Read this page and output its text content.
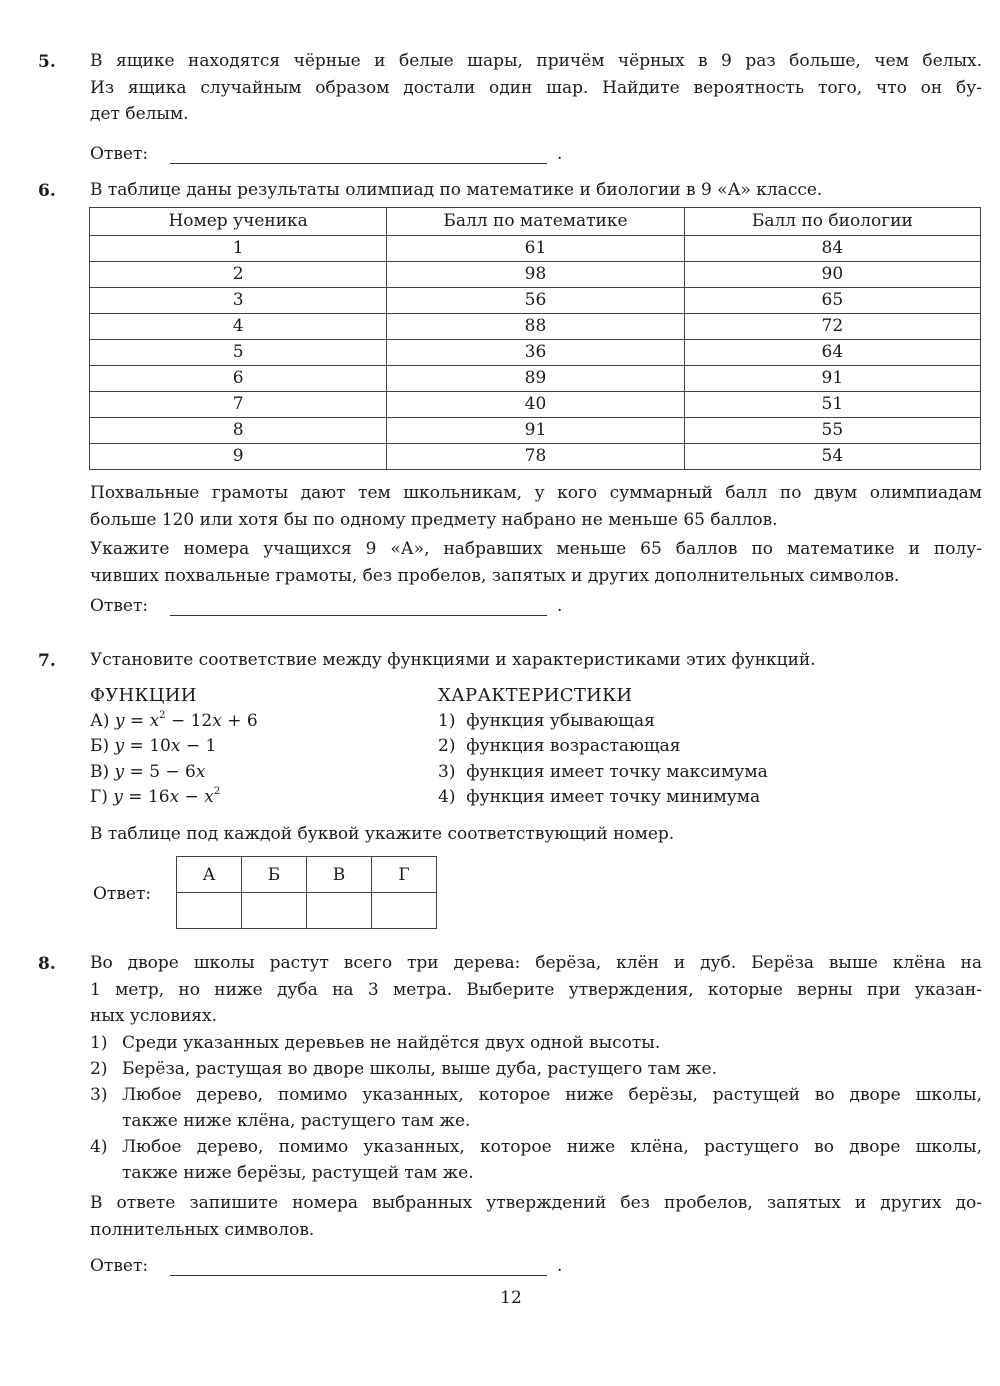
5. В ящике находятся чёрные и белые шары, причём чёрных в 9 раз больше, чем белых.
Из ящика случайным образом достали один шар. Найдите вероятность того, что он бу-
дет белым.
Ответ:	.
6. В таблице даны результаты олимпиад по математике и биологии в 9 «А» классе.
Номер ученика	Балл по математике	Балл по биологии
1	61	84
2	98	90
3	56	65
4	88	72
5	36	64
6	89	91
7	40	51
8	91	55
9	78	54
Похвальные грамоты дают тем школьникам, у кого суммарный балл по двум олимпиадам
больше 120 или хотя бы по одному предмету набрано не меньше 65 баллов.
Укажите номера учащихся 9 «А», набравших меньше 65 баллов по математике и полу-
чивших похвальные грамоты, без пробелов, запятых и других дополнительных символов.
Ответ:	.
7. Установите соответствие между функциями и характеристиками этих функций.
ФУНКЦИИ
А) $y = x^2 - 12x + 6$
Б) y = 10x − 1
В) y = 5 − 6x
Г) $y = 16x - x^2$
ХАРАКТЕРИСТИКИ
1)  функция убывающая
2)  функция возрастающая
3)  функция имеет точку максимума
4)  функция имеет точку минимума
В таблице под каждой буквой укажите соответствующий номер.
Ответ:
А	Б	В	Г

8. Во дворе школы растут всего три дерева: берёза, клён и дуб. Берёза выше клёна на
1 метр, но ниже дуба на 3 метра. Выберите утверждения, которые верны при указан-
ных условиях.
1) Среди указанных деревьев не найдётся двух одной высоты.
2) Берёза, растущая во дворе школы, выше дуба, растущего там же.
3) Любое дерево, помимо указанных, которое ниже берёзы, растущей во дворе школы,
также ниже клёна, растущего там же.
4) Любое дерево, помимо указанных, которое ниже клёна, растущего во дворе школы,
также ниже берёзы, растущей там же.
В ответе запишите номера выбранных утверждений без пробелов, запятых и других до-
полнительных символов.
Ответ:	.
12
